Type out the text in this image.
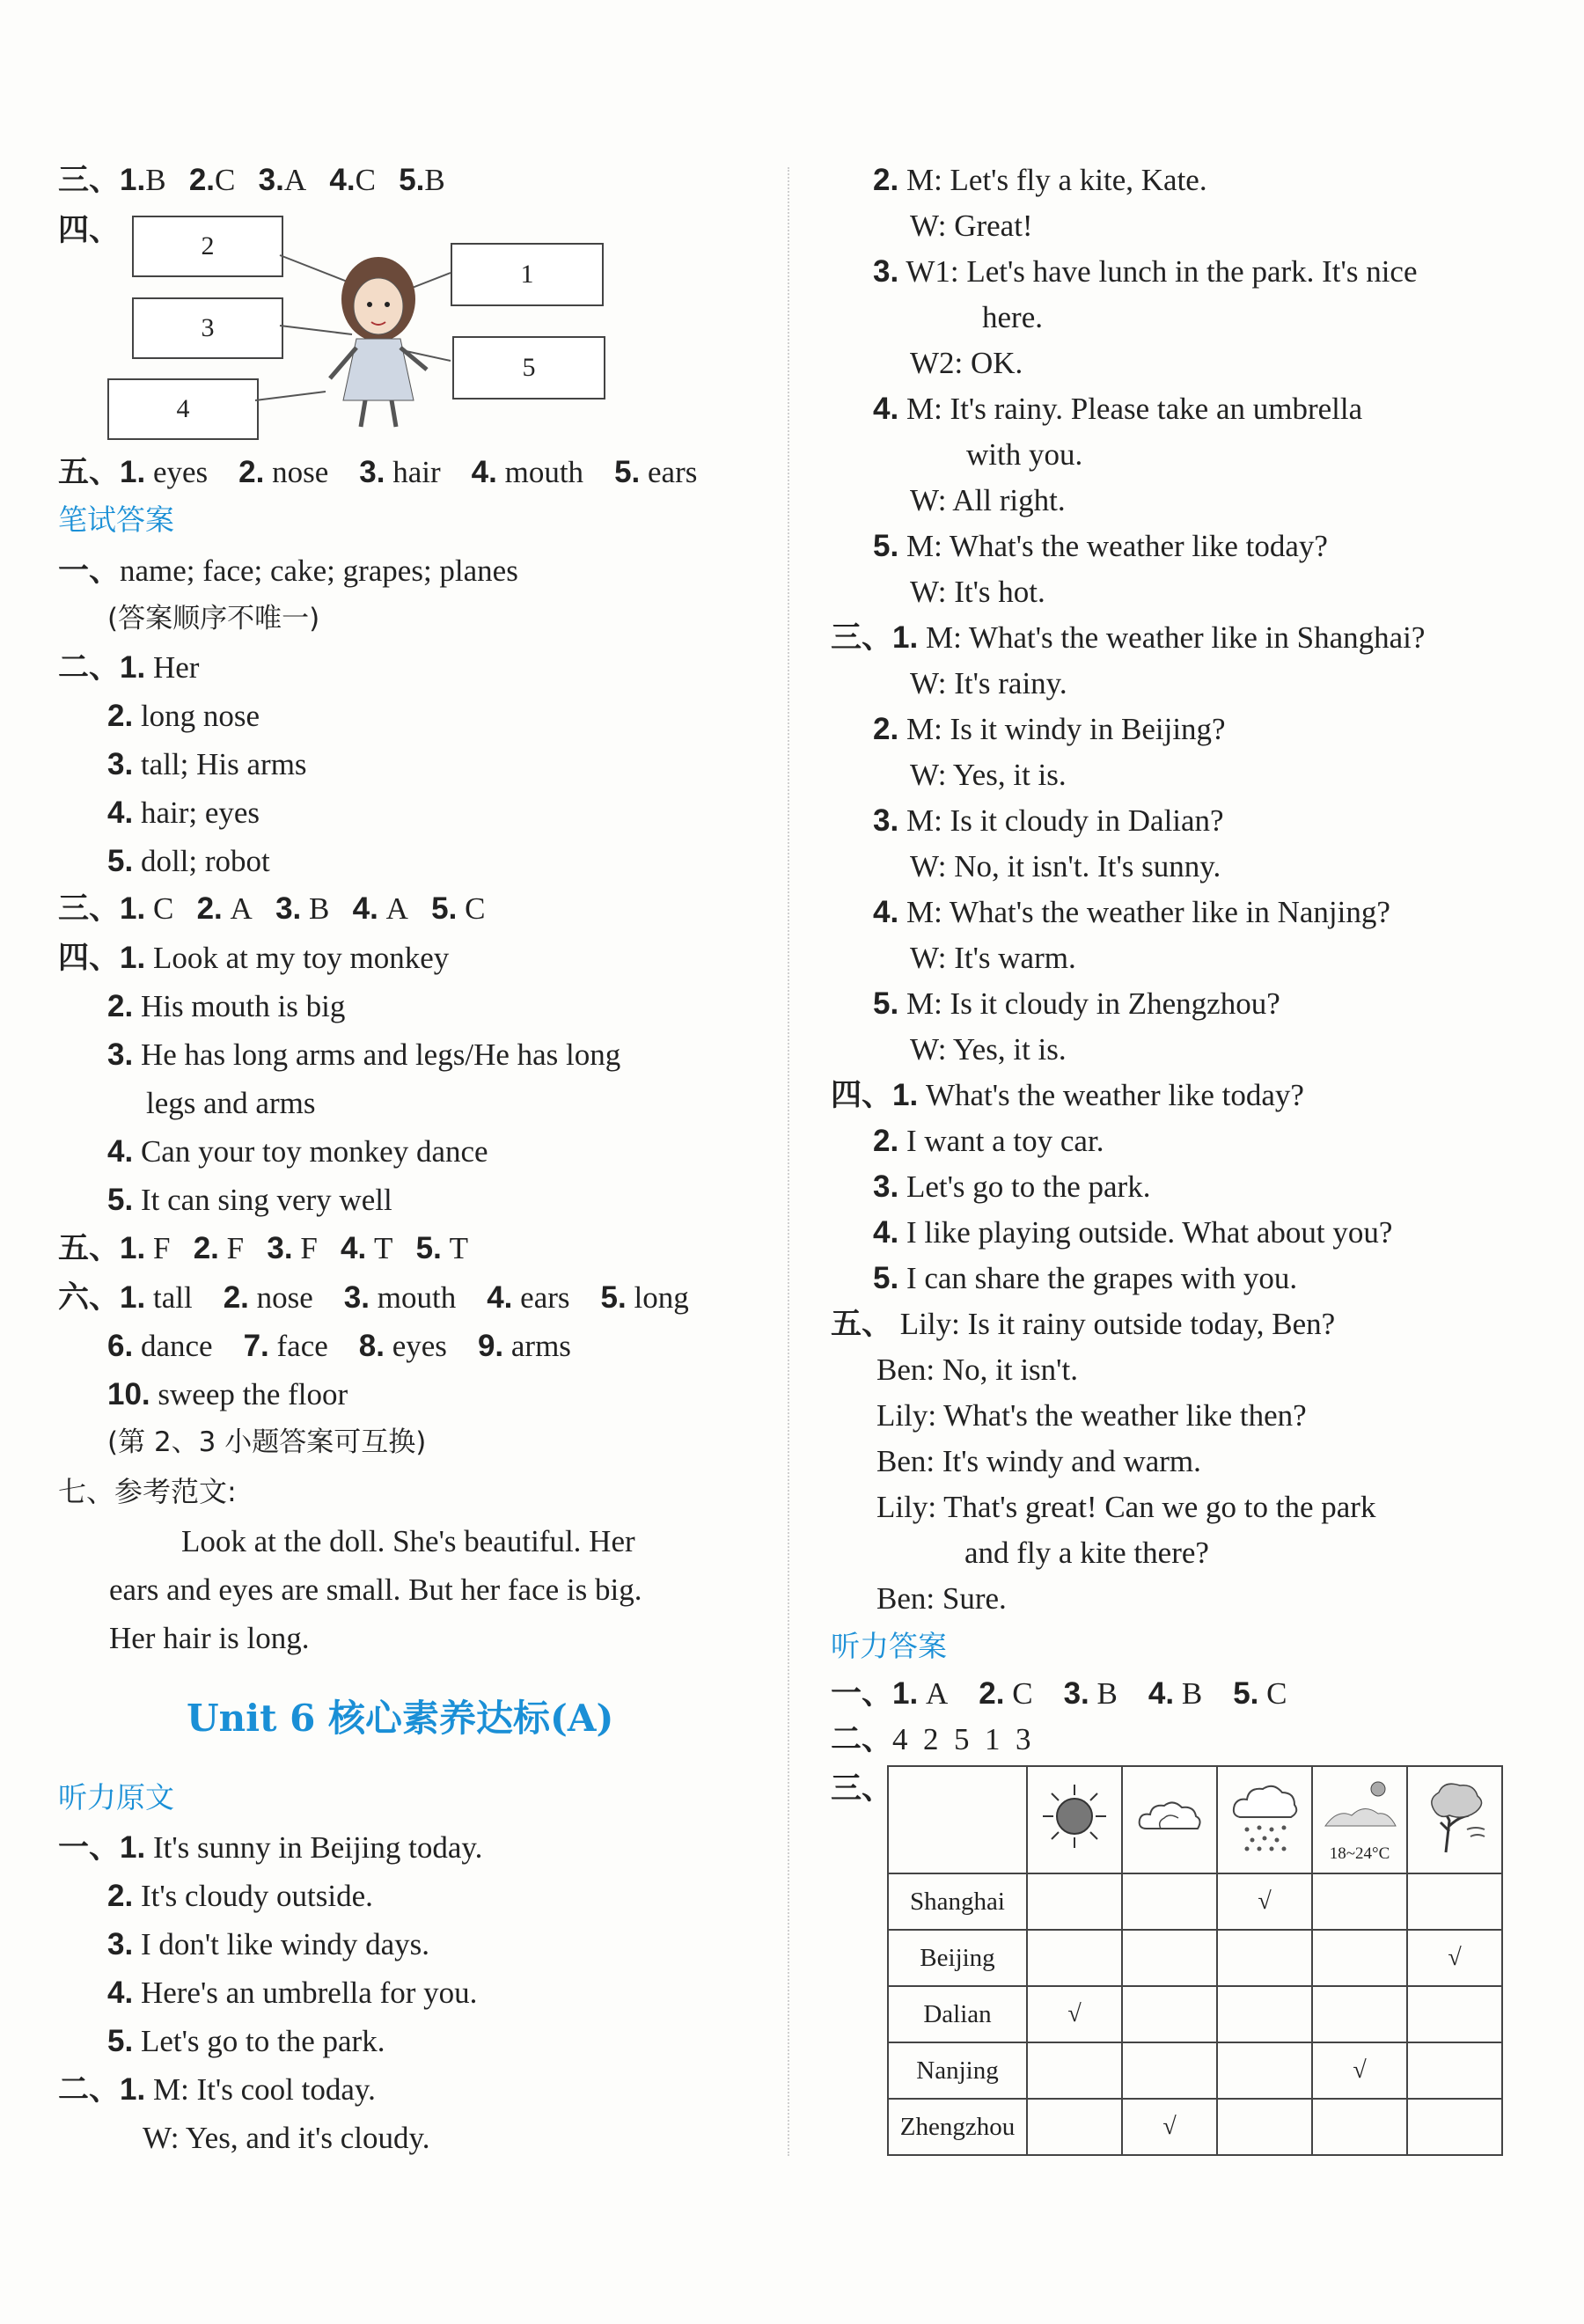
三、1.B 2.C 3.A 4.C 5.B
四、	2
1
3
5
4
五、1. eyes 2. nose 3. hair 4. mouth 5. ears
笔试答案
一、name; face; cake; grapes; planes
(答案顺序不唯一)
二、1. Her
2. long nose
3. tall; His arms
4. hair; eyes
5. doll; robot
三、1. C 2. A 3. B 4. A 5. C
四、1. Look at my toy monkey
2. His mouth is big
3. He has long arms and legs/He has long
legs and arms
4. Can your toy monkey dance
5. It can sing very well
五、1. F 2. F 3. F 4. T 5. T
六、1. tall 2. nose 3. mouth 4. ears 5. long
6. dance 7. face 8. eyes 9. arms
10. sweep the floor
(第 2、3 小题答案可互换)
七、参考范文:
Look at the doll. She's beautiful. Her
ears and eyes are small. But her face is big.
Her hair is long.
Unit 6 核心素养达标(A)
听力原文
一、1. It's sunny in Beijing today.
2. It's cloudy outside.
3. I don't like windy days.
4. Here's an umbrella for you.
5. Let's go to the park.
二、1. M: It's cool today.
W: Yes, and it's cloudy.
2. M: Let's fly a kite, Kate.
W: Great!
3. W1: Let's have lunch in the park. It's nice
here.
W2: OK.
4. M: It's rainy. Please take an umbrella
with you.
W: All right.
5. M: What's the weather like today?
W: It's hot.
三、1. M: What's the weather like in Shanghai?
W: It's rainy.
2. M: Is it windy in Beijing?
W: Yes, it is.
3. M: Is it cloudy in Dalian?
W: No, it isn't. It's sunny.
4. M: What's the weather like in Nanjing?
W: It's warm.
5. M: Is it cloudy in Zhengzhou?
W: Yes, it is.
四、1. What's the weather like today?
2. I want a toy car.
3. Let's go to the park.
4. I like playing outside. What about you?
5. I can share the grapes with you.
五、 Lily: Is it rainy outside today, Ben?
Ben: No, it isn't.
Lily: What's the weather like then?
Ben: It's windy and warm.
Lily: That's great! Can we go to the park
and fly a kite there?
Ben: Sure.
听力答案
一、1. A 2. C 3. B 4. B 5. C
二、4  2  5  1  3
三、

18~24°C

Shanghai			√		
Beijing					√
Dalian	√				
Nanjing				√	
Zhengzhou		√			
